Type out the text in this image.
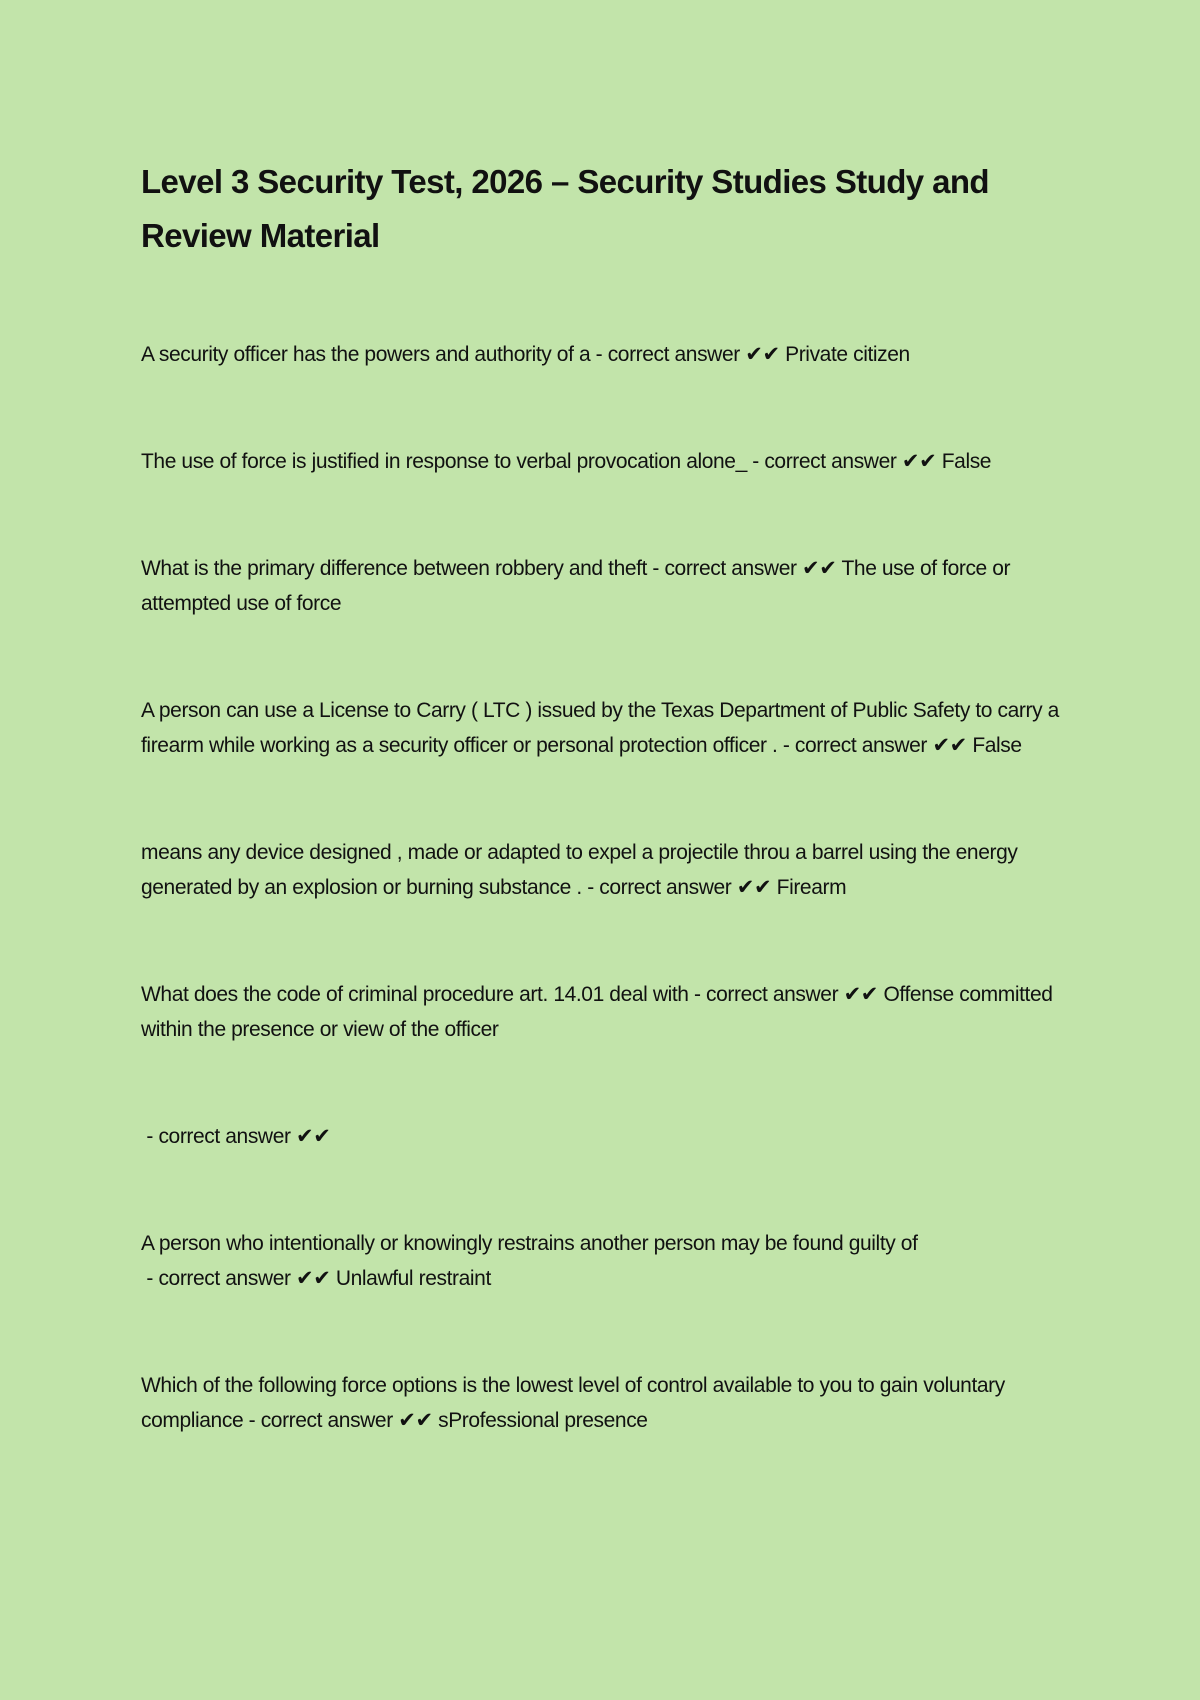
Level 3 Security Test, 2026 – Security Studies Study and Review Material
A security officer has the powers and authority of a - correct answer ✔✔ Private citizen
The use of force is justified in response to verbal provocation alone_ - correct answer ✔✔ False
What is the primary difference between robbery and theft - correct answer ✔✔ The use of force or attempted use of force
A person can use a License to Carry ( LTC ) issued by the Texas Department of Public Safety to carry a firearm while working as a security officer or personal protection officer . - correct answer ✔✔ False
means any device designed , made or adapted to expel a projectile throu a barrel using the energy generated by an explosion or burning substance . - correct answer ✔✔ Firearm
What does the code of criminal procedure art. 14.01 deal with - correct answer ✔✔ Offense committed within the presence or view of the officer
- correct answer ✔✔
A person who intentionally or knowingly restrains another person may be found guilty of - correct answer ✔✔ Unlawful restraint
Which of the following force options is the lowest level of control available to you to gain voluntary compliance - correct answer ✔✔ sProfessional presence
